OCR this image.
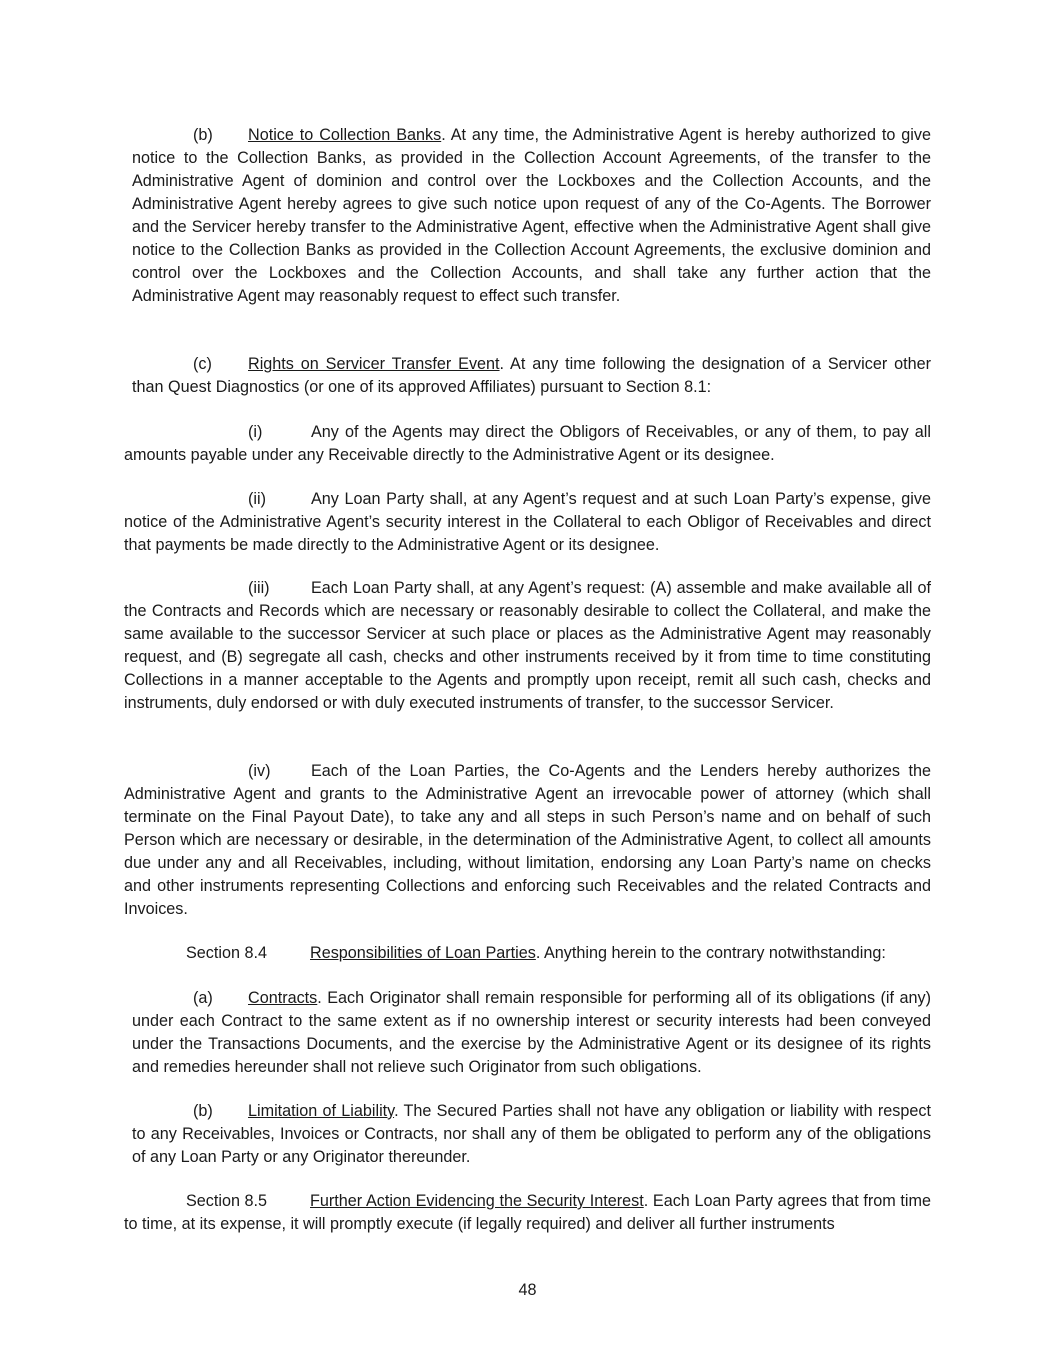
(b) Notice to Collection Banks. At any time, the Administrative Agent is hereby authorized to give notice to the Collection Banks, as provided in the Collection Account Agreements, of the transfer to the Administrative Agent of dominion and control over the Lockboxes and the Collection Accounts, and the Administrative Agent hereby agrees to give such notice upon request of any of the Co-Agents. The Borrower and the Servicer hereby transfer to the Administrative Agent, effective when the Administrative Agent shall give notice to the Collection Banks as provided in the Collection Account Agreements, the exclusive dominion and control over the Lockboxes and the Collection Accounts, and shall take any further action that the Administrative Agent may reasonably request to effect such transfer.

(c) Rights on Servicer Transfer Event. At any time following the designation of a Servicer other than Quest Diagnostics (or one of its approved Affiliates) pursuant to Section 8.1:

(i)	Any of the Agents may direct the Obligors of Receivables, or any of them, to pay all amounts payable under any Receivable directly to the Administrative Agent or its designee.

(ii)	Any Loan Party shall, at any Agent’s request and at such Loan Party’s expense, give notice of the Administrative Agent’s security interest in the Collateral to each Obligor of Receivables and direct that payments be made directly to the Administrative Agent or its designee.

(iii)	Each Loan Party shall, at any Agent’s request: (A) assemble and make available all of the Contracts and Records which are necessary or reasonably desirable to collect the Collateral, and make the same available to the successor Servicer at such place or places as the Administrative Agent may reasonably request, and (B) segregate all cash, checks and other instruments received by it from time to time constituting Collections in a manner acceptable to the Agents and promptly upon receipt, remit all such cash, checks and instruments, duly endorsed or with duly executed instruments of transfer, to the successor Servicer.

(iv)	Each of the Loan Parties, the Co-Agents and the Lenders hereby authorizes the Administrative Agent and grants to the Administrative Agent an irrevocable power of attorney (which shall terminate on the Final Payout Date), to take any and all steps in such Person’s name and on behalf of such Person which are necessary or desirable, in the determination of the Administrative Agent, to collect all amounts due under any and all Receivables, including, without limitation, endorsing any Loan Party’s name on checks and other instruments representing Collections and enforcing such Receivables and the related Contracts and Invoices.

Section 8.4	Responsibilities of Loan Parties. Anything herein to the contrary notwithstanding:

(a) Contracts. Each Originator shall remain responsible for performing all of its obligations (if any) under each Contract to the same extent as if no ownership interest or security interests had been conveyed under the Transactions Documents, and the exercise by the Administrative Agent or its designee of its rights and remedies hereunder shall not relieve such Originator from such obligations.

(b) Limitation of Liability. The Secured Parties shall not have any obligation or liability with respect to any Receivables, Invoices or Contracts, nor shall any of them be obligated to perform any of the obligations of any Loan Party or any Originator thereunder.

Section 8.5	Further Action Evidencing the Security Interest. Each Loan Party agrees that from time to time, at its expense, it will promptly execute (if legally required) and deliver all further instruments

48
